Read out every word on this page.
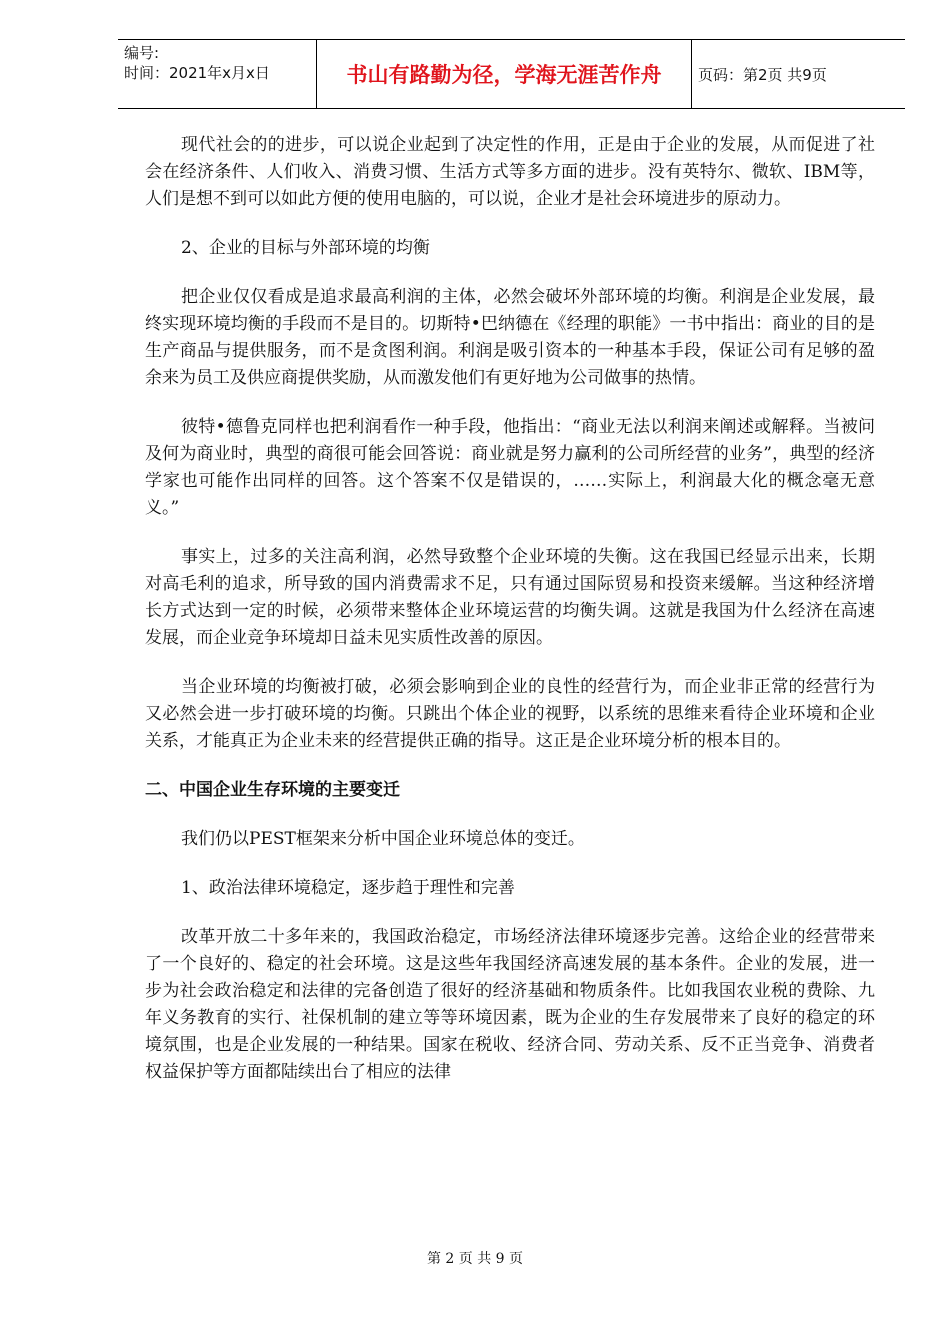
编号:
时间：2021年x月x日	书山有路勤为径，学海无涯苦作舟	页码：第2页 共9页

现代社会的的进步，可以说企业起到了决定性的作用，正是由于企业的发展，从而促进了社会在经济条件、人们收入、消费习惯、生活方式等多方面的进步。没有英特尔、微软、IBM等，人们是想不到可以如此方便的使用电脑的，可以说，企业才是社会环境进步的原动力。

2、企业的目标与外部环境的均衡

把企业仅仅看成是追求最高利润的主体，必然会破坏外部环境的均衡。利润是企业发展，最终实现环境均衡的手段而不是目的。切斯特•巴纳德在《经理的职能》一书中指出：商业的目的是生产商品与提供服务，而不是贪图利润。利润是吸引资本的一种基本手段，保证公司有足够的盈余来为员工及供应商提供奖励，从而激发他们有更好地为公司做事的热情。

彼特•德鲁克同样也把利润看作一种手段，他指出：“商业无法以利润来阐述或解释。当被问及何为商业时，典型的商很可能会回答说：商业就是努力赢利的公司所经营的业务”，典型的经济学家也可能作出同样的回答。这个答案不仅是错误的，……实际上，利润最大化的概念毫无意义。”

事实上，过多的关注高利润，必然导致整个企业环境的失衡。这在我国已经显示出来，长期对高毛利的追求，所导致的国内消费需求不足，只有通过国际贸易和投资来缓解。当这种经济增长方式达到一定的时候，必须带来整体企业环境运营的均衡失调。这就是我国为什么经济在高速发展，而企业竞争环境却日益未见实质性改善的原因。

当企业环境的均衡被打破，必须会影响到企业的良性的经营行为，而企业非正常的经营行为又必然会进一步打破环境的均衡。只跳出个体企业的视野，以系统的思维来看待企业环境和企业关系，才能真正为企业未来的经营提供正确的指导。这正是企业环境分析的根本目的。

二、中国企业生存环境的主要变迁

我们仍以PEST框架来分析中国企业环境总体的变迁。

1、政治法律环境稳定，逐步趋于理性和完善

改革开放二十多年来的，我国政治稳定，市场经济法律环境逐步完善。这给企业的经营带来了一个良好的、稳定的社会环境。这是这些年我国经济高速发展的基本条件。企业的发展，进一步为社会政治稳定和法律的完备创造了很好的经济基础和物质条件。比如我国农业税的费除、九年义务教育的实行、社保机制的建立等等环境因素，既为企业的生存发展带来了良好的稳定的环境氛围，也是企业发展的一种结果。国家在税收、经济合同、劳动关系、反不正当竞争、消费者权益保护等方面都陆续出台了相应的法律

第 2 页 共 9 页
